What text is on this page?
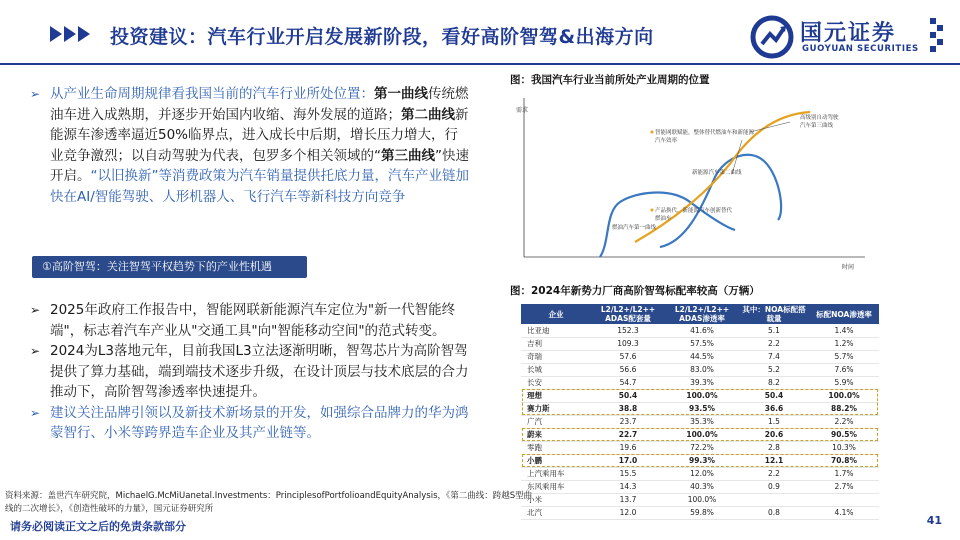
投资建议：汽车行业开启发展新阶段，看好高阶智驾&出海方向	国元证券
GUOYUAN SECURITIES
➢ 从产业生命周期规律看我国当前的汽车行业所处位置：第一曲线传统燃油车进入成熟期，并逐步开始国内收缩、海外发展的道路；第二曲线新能源车渗透率逼近50%临界点，进入成长中后期，增长压力增大，行业竞争激烈；以自动驾驶为代表，包罗多个相关领域的“第三曲线”快速开启。“以旧换新”等消费政策为汽车销量提供托底力量，汽车产业链加快在AI/智能驾驶、人形机器人、飞行汽车等新科技方向竞争
①高阶智驾：关注智驾平权趋势下的产业性机遇
➢ 2025年政府工作报告中，智能网联新能源汽车定位为"新一代智能终端"，标志着汽车产业从"交通工具"向"智能移动空间"的范式转变。
➢ 2024为L3落地元年，目前我国L3立法逐渐明晰，智驾芯片为高阶智驾提供了算力基础，端到端技术逐步升级，在设计顶层与技术底层的合力推动下，高阶智驾渗透率快速提升。
➢ 建议关注品牌引领以及新技术新场景的开发，如强综合品牌力的华为鸿蒙智行、小米等跨界造车企业及其产业链等。
图：我国汽车行业当前所处产业周期的位置
需求
时间
燃油汽车第一曲线
新能源汽车第二曲线
高级别自动驾驶
汽车第三曲线
智能网联赋能，整体替代燃油车和新能源
汽车效率
产品换代，新能源汽车创新替代
燃油车
图：2024年新势力厂商高阶智驾标配率较高（万辆）
企业	L2/L2+/L2++ ADAS配套量	L2/L2+/L2++ ADAS渗透率	其中：NOA标配搭载量	标配NOA渗透率
比亚迪	152.3	41.6%	5.1	1.4%
吉利	109.3	57.5%	2.2	1.2%
奇瑞	57.6	44.5%	7.4	5.7%
长城	56.6	83.0%	5.2	7.6%
长安	54.7	39.3%	8.2	5.9%
理想	50.4	100.0%	50.4	100.0%
赛力斯	38.8	93.5%	36.6	88.2%
广汽	23.7	35.3%	1.5	2.2%
蔚来	22.7	100.0%	20.6	90.5%
零跑	19.6	72.2%	2.8	10.3%
小鹏	17.0	99.3%	12.1	70.8%
上汽乘用车	15.5	12.0%	2.2	1.7%
东风乘用车	14.3	40.3%	0.9	2.7%
小米	13.7	100.0%		
北汽	12.0	59.8%	0.8	4.1%
资料来源：盖世汽车研究院，MichaelG.McMiUanetal.Investments：PrinciplesofPortfolioandEquityAnalysis，《第二曲线：跨越S型曲线的二次增长》，《创造性破坏的力量》，国元证券研究所
请务必阅读正文之后的免责条款部分	41
